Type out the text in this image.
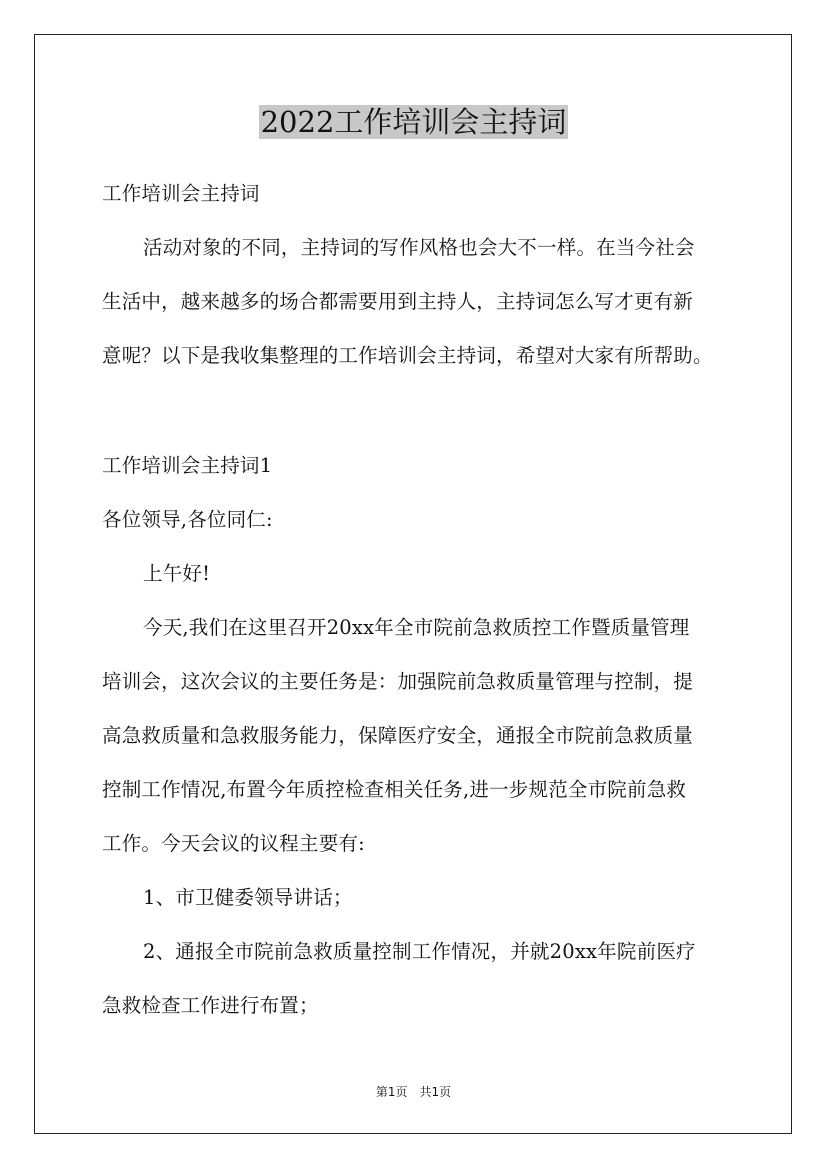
2022工作培训会主持词
工作培训会主持词
活动对象的不同，主持词的写作风格也会大不一样。在当今社会
生活中，越来越多的场合都需要用到主持人，主持词怎么写才更有新
意呢？以下是我收集整理的工作培训会主持词，希望对大家有所帮助。
工作培训会主持词1
各位领导,各位同仁:
上午好!
今天,我们在这里召开20xx年全市院前急救质控工作暨质量管理
培训会，这次会议的主要任务是：加强院前急救质量管理与控制，提
高急救质量和急救服务能力，保障医疗安全，通报全市院前急救质量
控制工作情况,布置今年质控检查相关任务,进一步规范全市院前急救
工作。今天会议的议程主要有:
1、市卫健委领导讲话；
2、通报全市院前急救质量控制工作情况，并就20xx年院前医疗
急救检查工作进行布置；
第1页　共1页
